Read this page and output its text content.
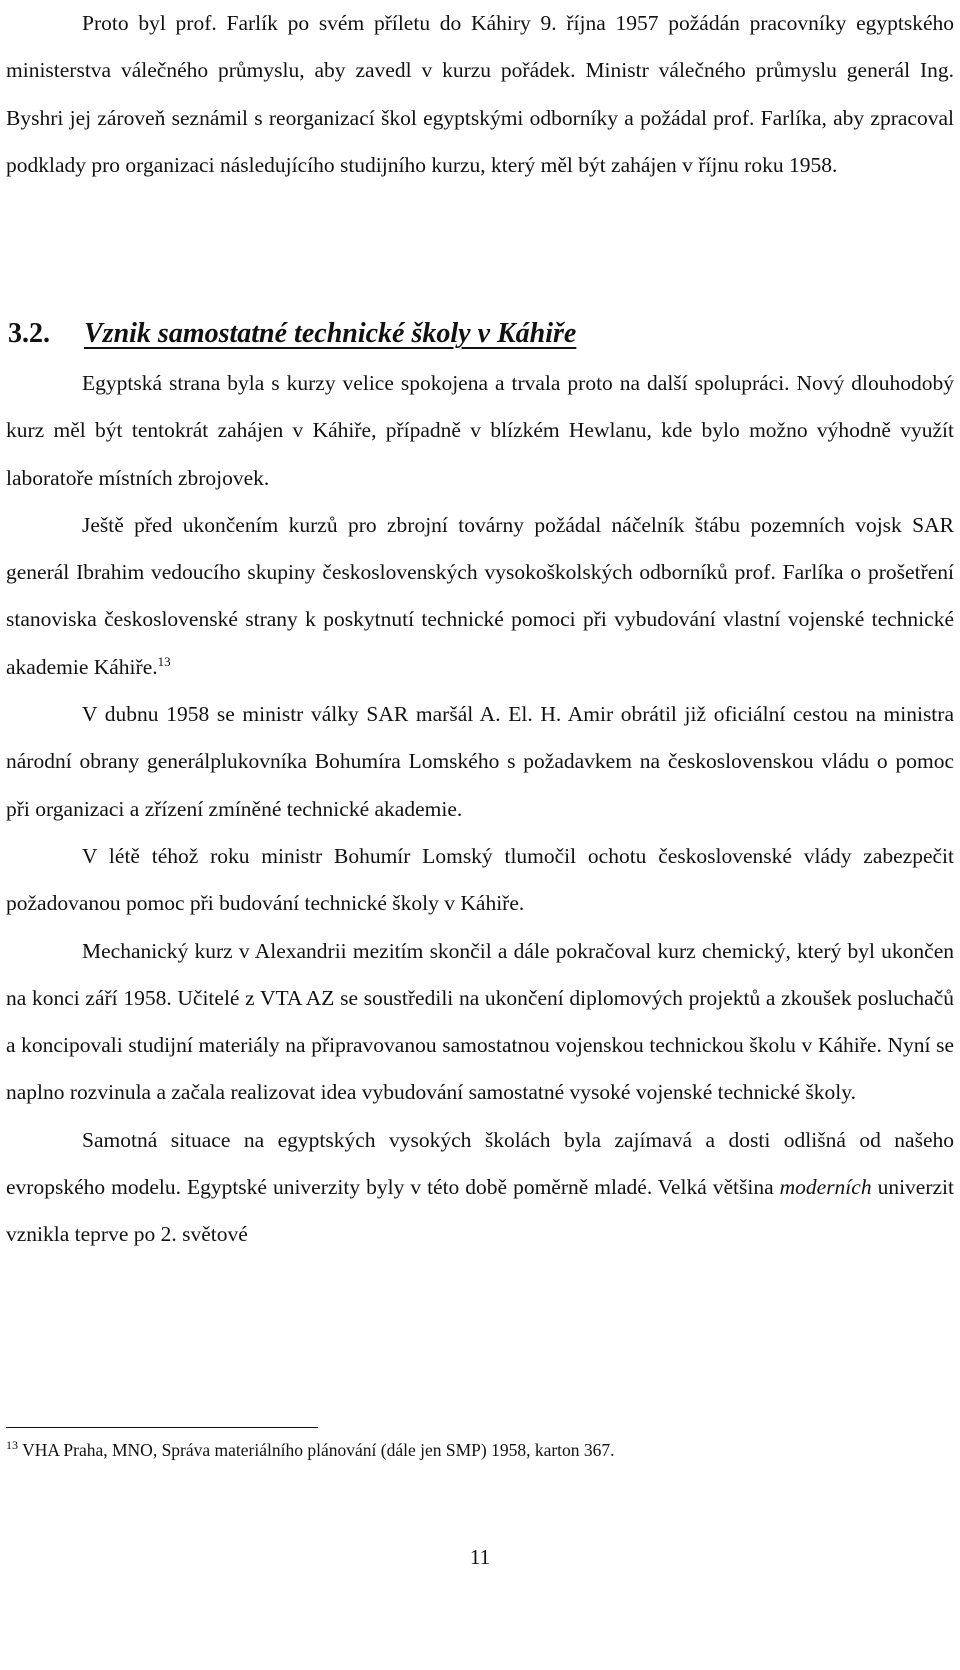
Proto byl prof. Farlík po svém příletu do Káhiry 9. října 1957 požádán pracovníky egyptského ministerstva válečného průmyslu, aby zavedl v kurzu pořádek. Ministr válečného průmyslu generál Ing. Byshri jej zároveň seznámil s reorganizací škol egyptskými odborníky a požádal prof. Farlíka, aby zpracoval podklady pro organizaci následujícího studijního kurzu, který měl být zahájen v říjnu roku 1958.

3.2. Vznik samostatné technické školy v Káhiře

Egyptská strana byla s kurzy velice spokojena a trvala proto na další spolupráci. Nový dlouhodobý kurz měl být tentokrát zahájen v Káhiře, případně v blízkém Hewlanu, kde bylo možno výhodně využít laboratoře místních zbrojovek.

Ještě před ukončením kurzů pro zbrojní továrny požádal náčelník štábu pozemních vojsk SAR generál Ibrahim vedoucího skupiny československých vysokoškolských odborníků prof. Farlíka o prošetření stanoviska československé strany k poskytnutí technické pomoci při vybudování vlastní vojenské technické akademie Káhiře.$^{13}$

V dubnu 1958 se ministr války SAR maršál A. El. H. Amir obrátil již oficiální cestou na ministra národní obrany generálplukovníka Bohumíra Lomského s požadavkem na československou vládu o pomoc při organizaci a zřízení zmíněné technické akademie.

V létě téhož roku ministr Bohumír Lomský tlumočil ochotu československé vlády zabezpečit požadovanou pomoc při budování technické školy v Káhiře.

Mechanický kurz v Alexandrii mezitím skončil a dále pokračoval kurz chemický, který byl ukončen na konci září 1958. Učitelé z VTA AZ se soustředili na ukončení diplomových projektů a zkoušek posluchačů a koncipovali studijní materiály na připravovanou samostatnou vojenskou technickou školu v Káhiře. Nyní se naplno rozvinula a začala realizovat idea vybudování samostatné vysoké vojenské technické školy.

Samotná situace na egyptských vysokých školách byla zajímavá a dosti odlišná od našeho evropského modelu. Egyptské univerzity byly v této době poměrně mladé. Velká většina moderních univerzit vznikla teprve po 2. světové

$^{13}$ VHA Praha, MNO, Správa materiálního plánování (dále jen SMP) 1958, karton 367.
11
